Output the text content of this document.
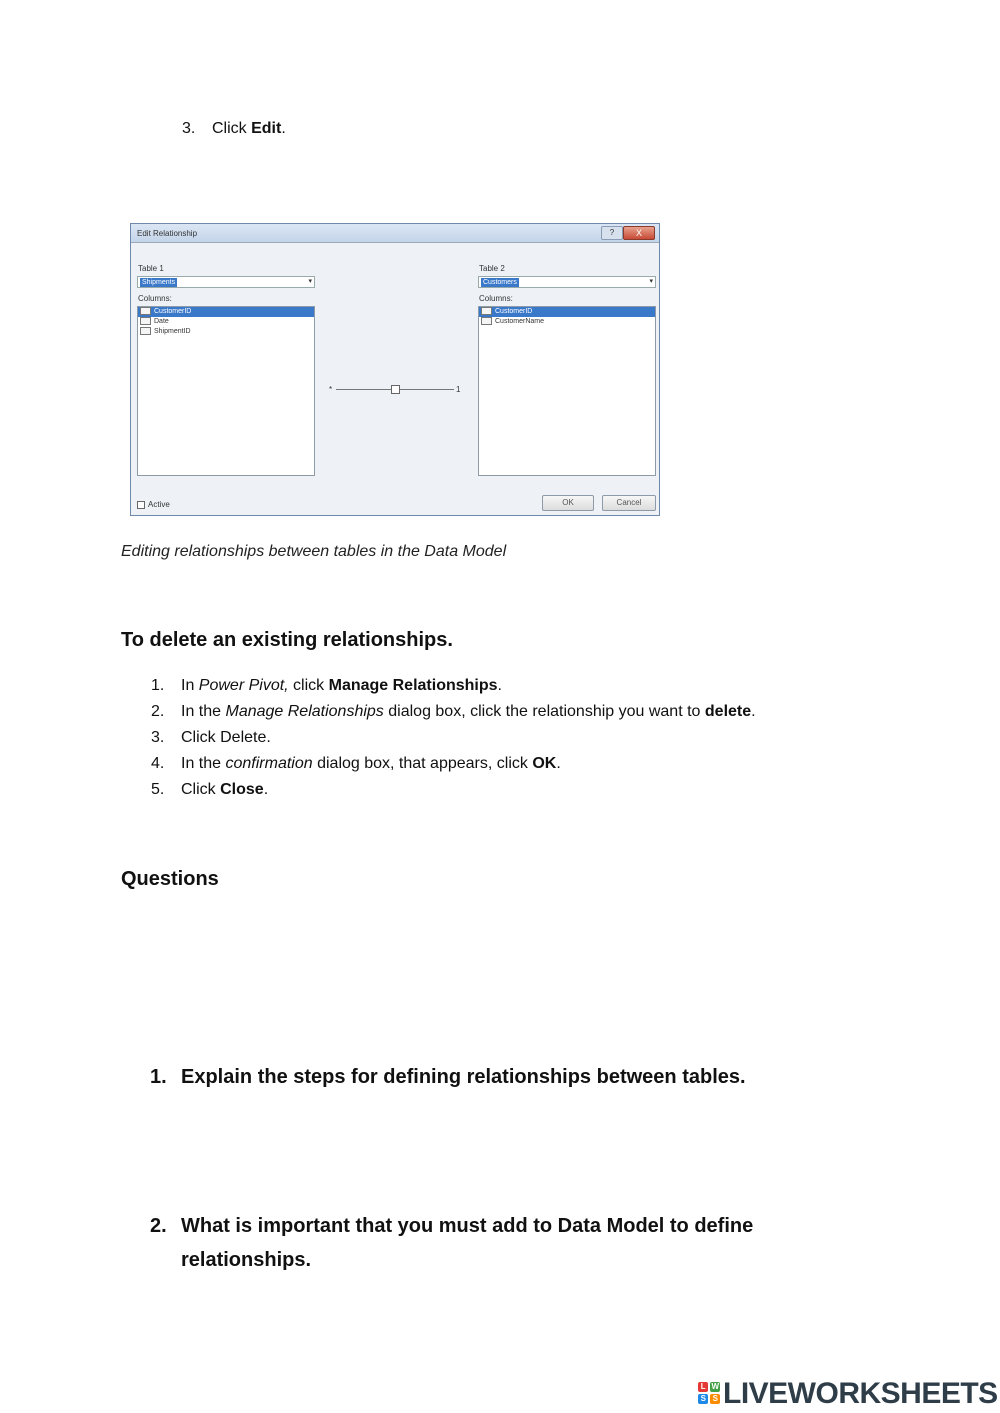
3. Click Edit.
Edit Relationship	?	X
Table 1
Shipments	▾
Columns:
CustomerID
Date
ShipmentID
Table 2
Customers	▾
Columns:
CustomerID
CustomerName
*	1
Active	OK	Cancel
Editing relationships between tables in the Data Model
To delete an existing relationships.
1. In Power Pivot, click Manage Relationships.
2. In the Manage Relationships dialog box, click the relationship you want to delete.
3. Click Delete.
4. In the confirmation dialog box, that appears, click OK.
5. Click Close.
Questions
1. Explain the steps for defining relationships between tables.
2. What is important that you must add to Data Model to define
relationships.
L W
S S LIVEWORKSHEETS
